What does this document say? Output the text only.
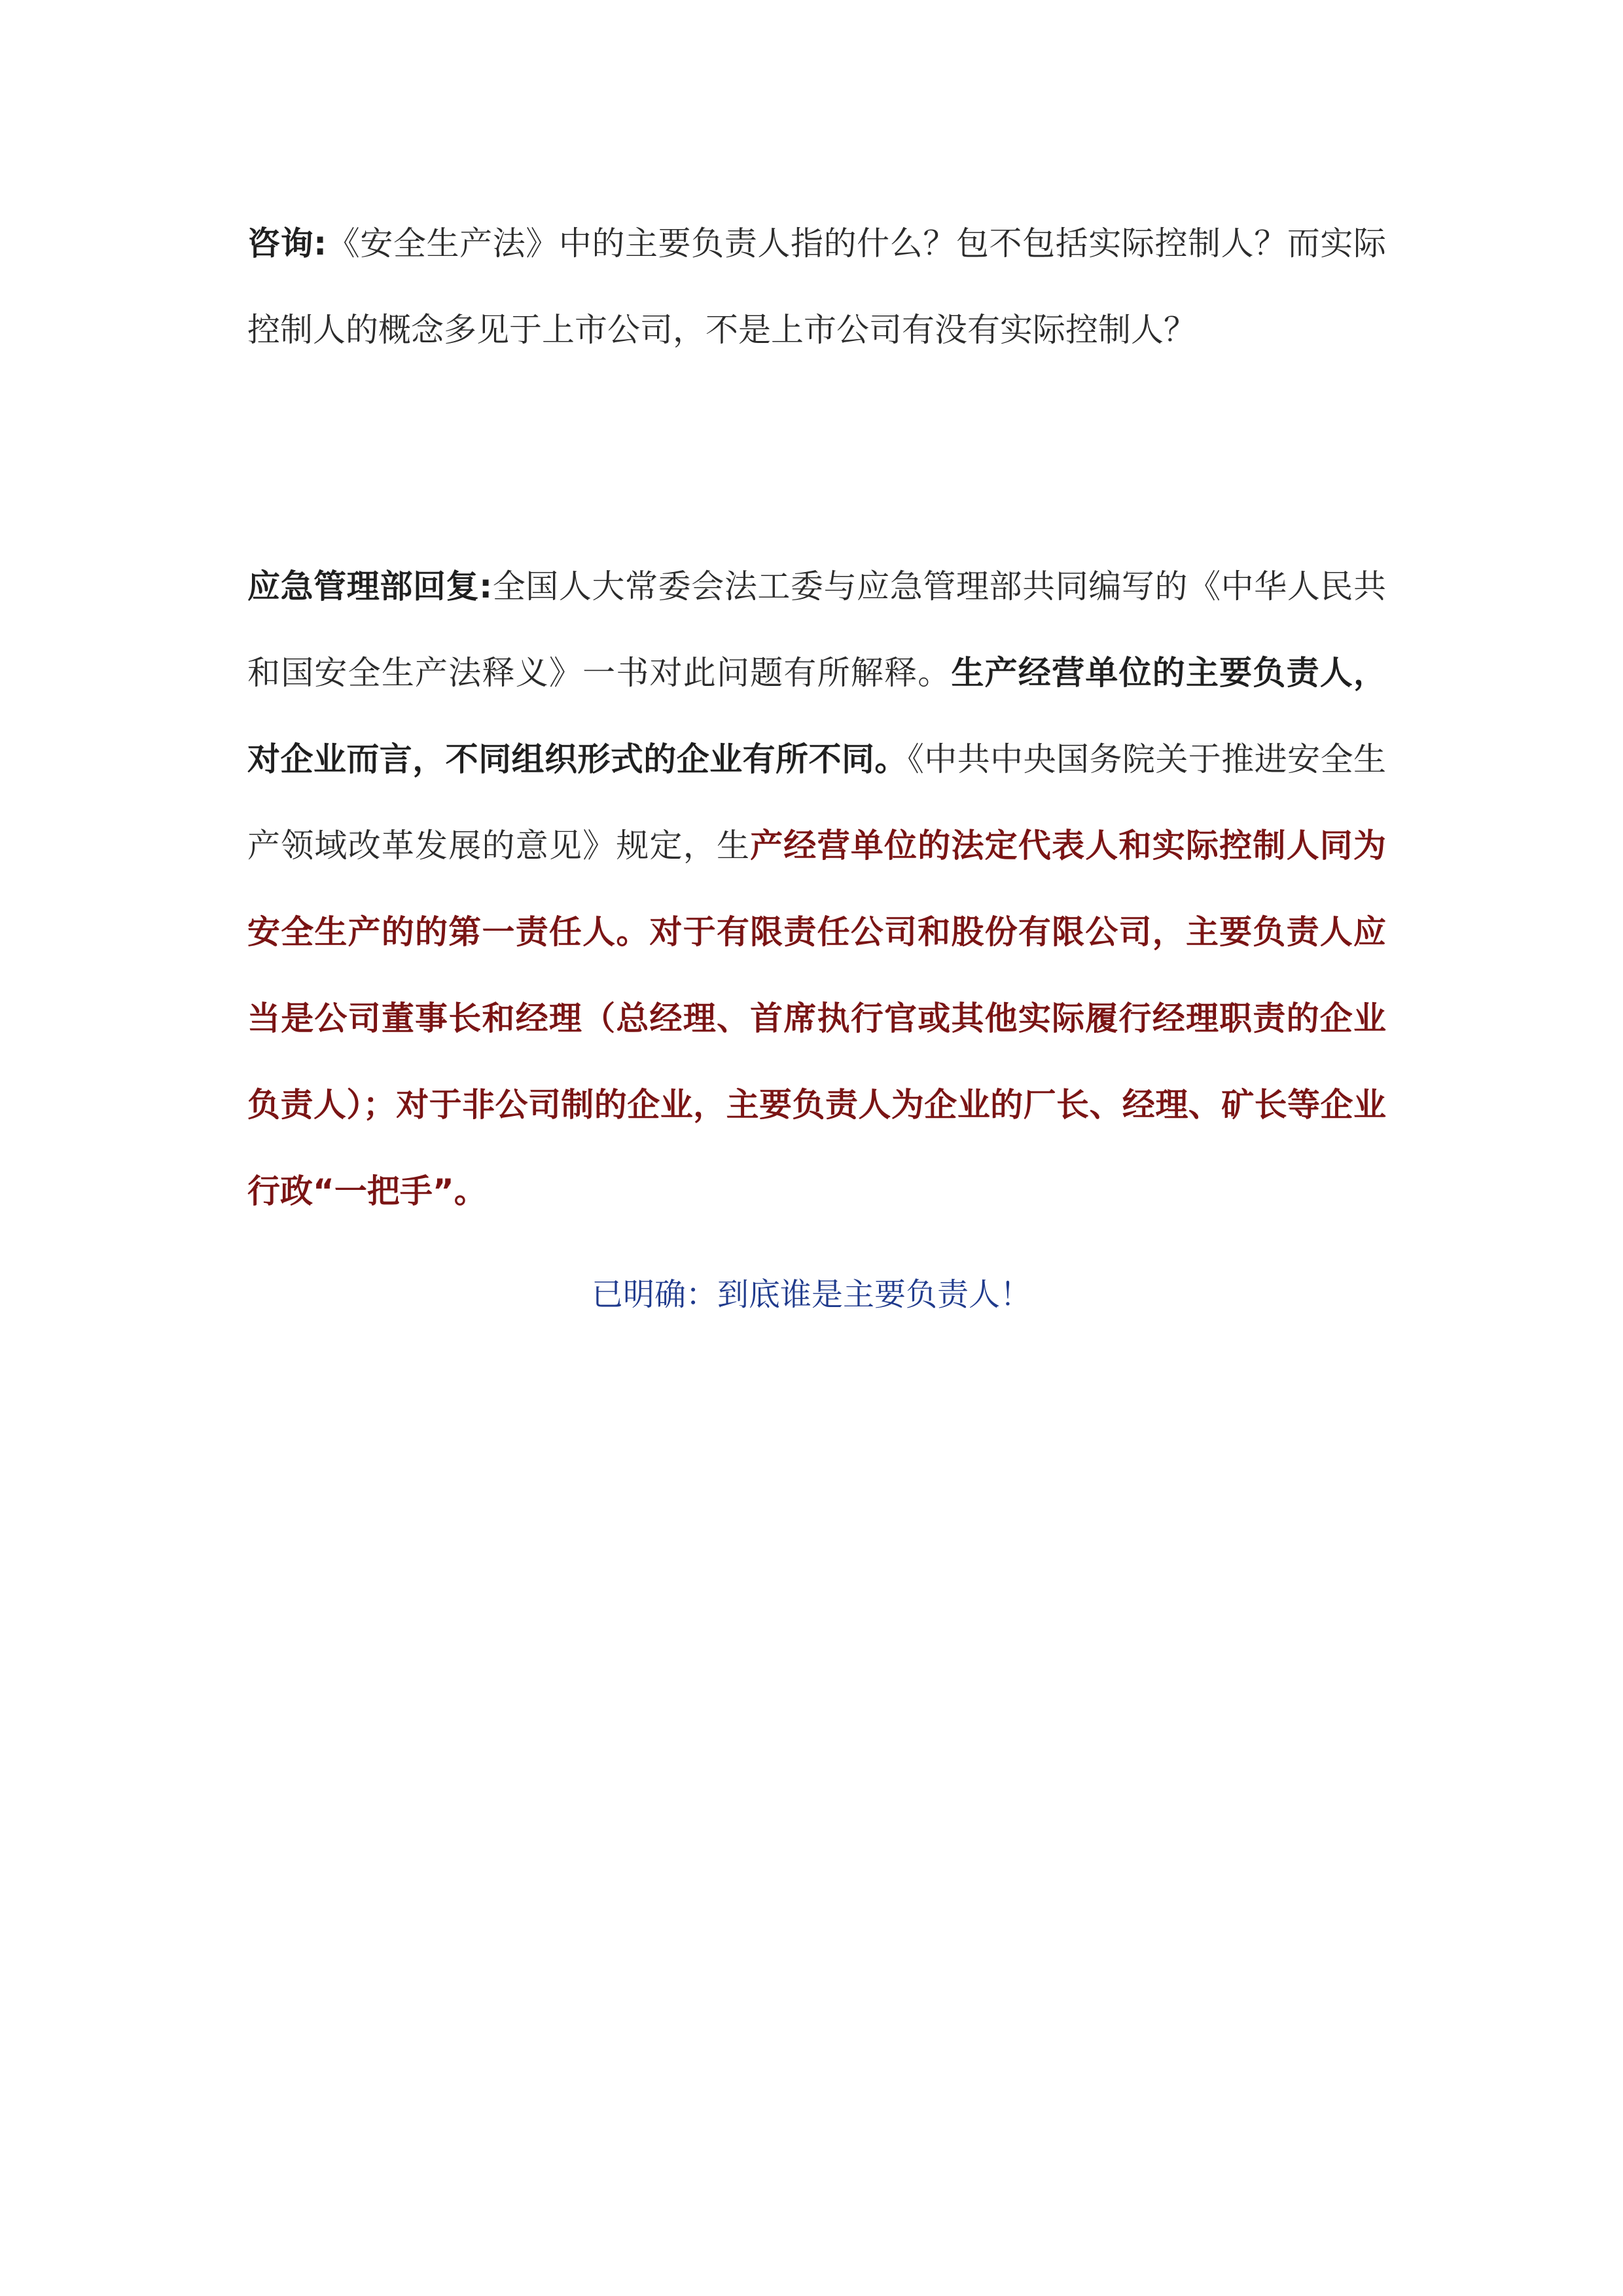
咨询:《安全生产法》中的主要负责人指的什么？包不包括实际控制人？而实际控制人的概念多见于上市公司，不是上市公司有没有实际控制人？

应急管理部回复:全国人大常委会法工委与应急管理部共同编写的《中华人民共和国安全生产法释义》一书对此问题有所解释。生产经营单位的主要负责人，对企业而言，不同组织形式的企业有所不同。《中共中央国务院关于推进安全生产领域改革发展的意见》规定，生产经营单位的法定代表人和实际控制人同为安全生产的的第一责任人。对于有限责任公司和股份有限公司，主要负责人应当是公司董事长和经理（总经理、首席执行官或其他实际履行经理职责的企业负责人）；对于非公司制的企业，主要负责人为企业的厂长、经理、矿长等企业行政“一把手”。

已明确：到底谁是主要负责人！
